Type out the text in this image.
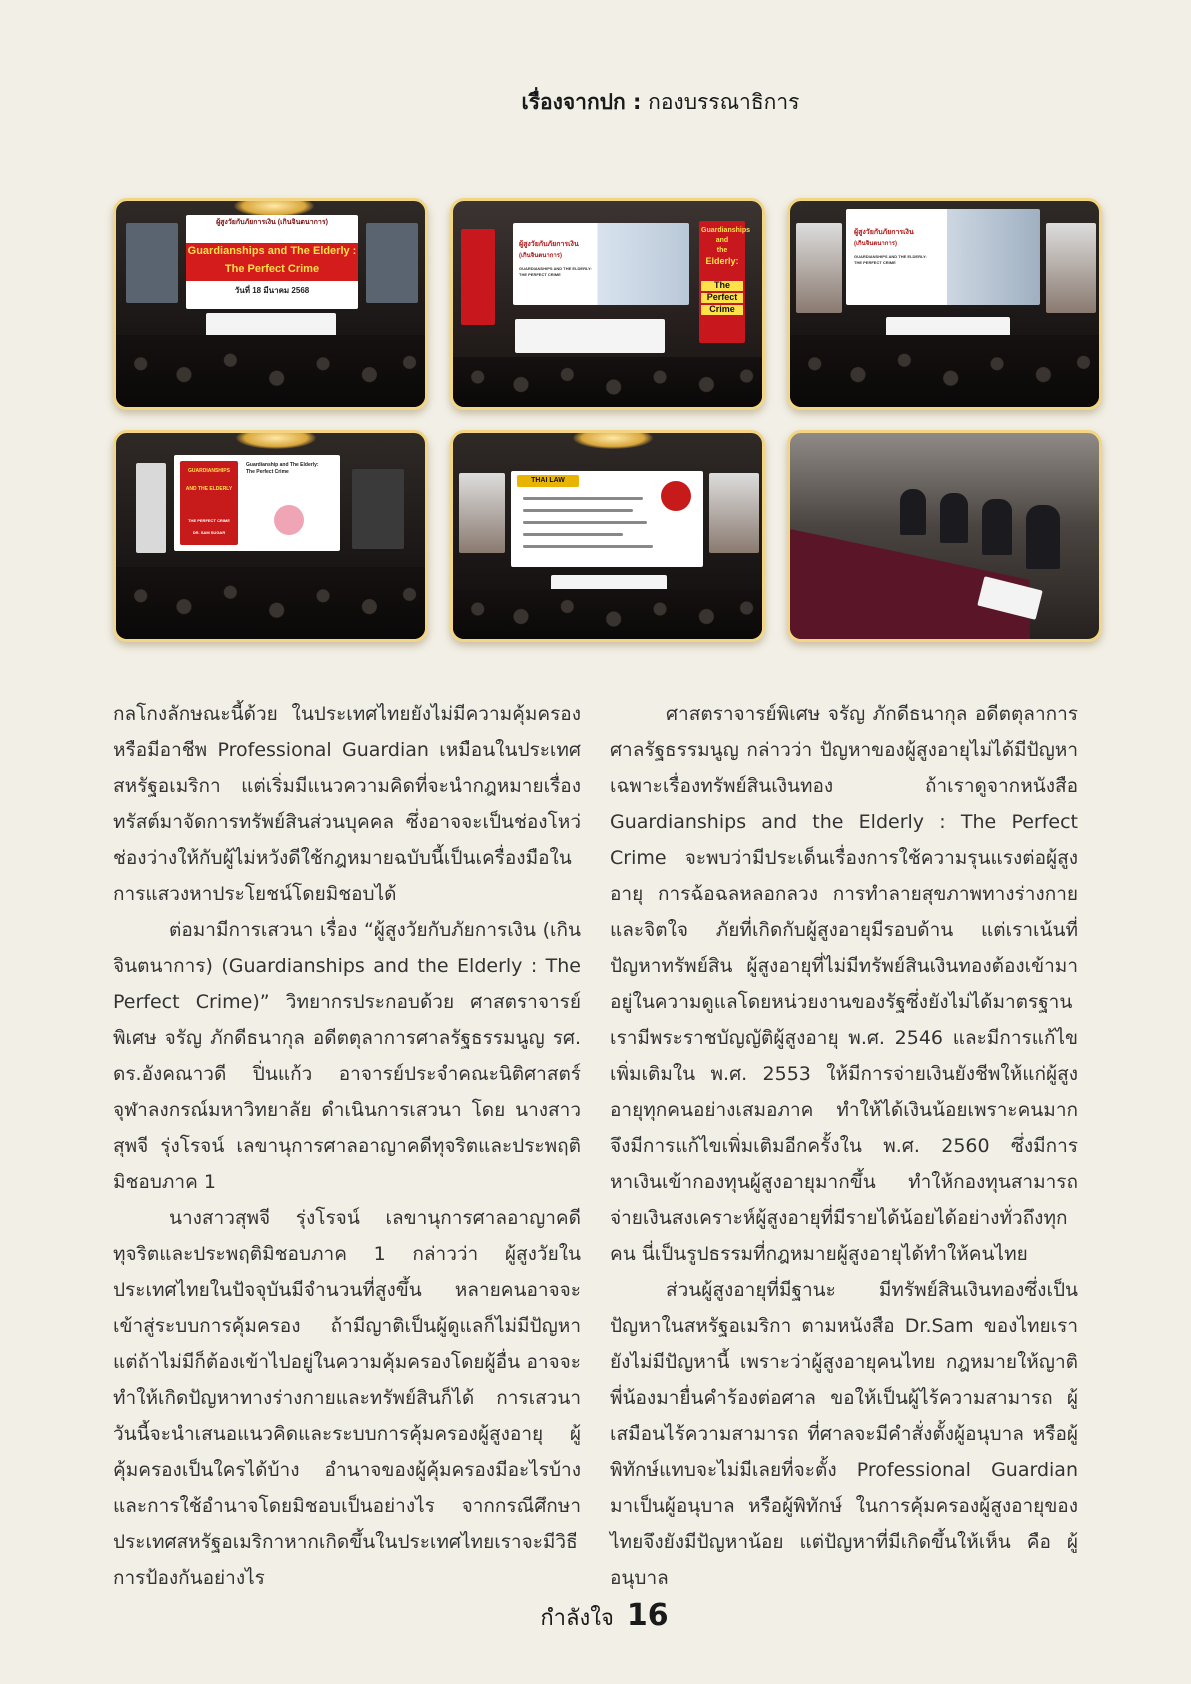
เรื่องจากปก : กองบรรณาธิการ
ผู้สูงวัยกับภัยการเงิน (เกินจินตนาการ)
Guardianships and The Elderly :
The Perfect Crime
วันที่ 18 มีนาคม 2568
ผู้สูงวัยกับภัยการเงิน
(เกินจินตนาการ)
GUARDIANSHIPS AND THE ELDERLY:
THE PERFECT CRIME
Guardianships
and
the
Elderly:
The
Perfect
Crime
ผู้สูงวัยกับภัยการเงิน
(เกินจินตนาการ)
GUARDIANSHIPS AND THE ELDERLY:
THE PERFECT CRIME
GUARDIANSHIPS
AND THE ELDERLY
THE PERFECT CRIME
DR. SAM SUGAR
Guardianship and The Elderly:
The Perfect Crime
THAI LAW

กลโกงลักษณะนี้ด้วย ในประเทศไทยยังไม่มีความคุ้มครองหรือมีอาชีพ Professional Guardian เหมือนในประเทศสหรัฐอเมริกา แต่เริ่มมีแนวความคิดที่จะนำกฎหมายเรื่องทรัสต์มาจัดการทรัพย์สินส่วนบุคคล ซึ่งอาจจะเป็นช่องโหว่ช่องว่างให้กับผู้ไม่หวังดีใช้กฎหมายฉบับนี้เป็นเครื่องมือในการแสวงหาประโยชน์โดยมิชอบได้

ต่อมามีการเสวนา เรื่อง “ผู้สูงวัยกับภัยการเงิน (เกินจินตนาการ) (Guardianships and the Elderly : The Perfect Crime)” วิทยากรประกอบด้วย ศาสตราจารย์พิเศษ จรัญ ภักดีธนากุล อดีตตุลาการศาลรัฐธรรมนูญ รศ. ดร.อังคณาวดี ปิ่นแก้ว อาจารย์ประจำคณะนิติศาสตร์ จุฬาลงกรณ์มหาวิทยาลัย ดำเนินการเสวนา โดย นางสาวสุพจี รุ่งโรจน์ เลขานุการศาลอาญาคดีทุจริตและประพฤติมิชอบภาค 1

นางสาวสุพจี รุ่งโรจน์ เลขานุการศาลอาญาคดีทุจริตและประพฤติมิชอบภาค 1 กล่าวว่า ผู้สูงวัยในประเทศไทยในปัจจุบันมีจำนวนที่สูงขึ้น หลายคนอาจจะเข้าสู่ระบบการคุ้มครอง ถ้ามีญาติเป็นผู้ดูแลก็ไม่มีปัญหา แต่ถ้าไม่มีก็ต้องเข้าไปอยู่ในความคุ้มครองโดยผู้อื่น อาจจะทำให้เกิดปัญหาทางร่างกายและทรัพย์สินก็ได้ การเสวนาวันนี้จะนำเสนอแนวคิดและระบบการคุ้มครองผู้สูงอายุ ผู้คุ้มครองเป็นใครได้บ้าง อำนาจของผู้คุ้มครองมีอะไรบ้าง และการใช้อำนาจโดยมิชอบเป็นอย่างไร จากกรณีศึกษาประเทศสหรัฐอเมริกาหากเกิดขึ้นในประเทศไทยเราจะมีวิธีการป้องกันอย่างไร

ศาสตราจารย์พิเศษ จรัญ ภักดีธนากุล อดีตตุลาการศาลรัฐธรรมนูญ กล่าวว่า ปัญหาของผู้สูงอายุไม่ได้มีปัญหาเฉพาะเรื่องทรัพย์สินเงินทอง ถ้าเราดูจากหนังสือ Guardianships and the Elderly : The Perfect Crime จะพบว่ามีประเด็นเรื่องการใช้ความรุนแรงต่อผู้สูงอายุ การฉ้อฉลหลอกลวง การทำลายสุขภาพทางร่างกายและจิตใจ ภัยที่เกิดกับผู้สูงอายุมีรอบด้าน แต่เราเน้นที่ปัญหาทรัพย์สิน ผู้สูงอายุที่ไม่มีทรัพย์สินเงินทองต้องเข้ามาอยู่ในความดูแลโดยหน่วยงานของรัฐซึ่งยังไม่ได้มาตรฐาน เรามีพระราชบัญญัติผู้สูงอายุ พ.ศ. 2546 และมีการแก้ไขเพิ่มเติมใน พ.ศ. 2553 ให้มีการจ่ายเงินยังชีพให้แก่ผู้สูงอายุทุกคนอย่างเสมอภาค ทำให้ได้เงินน้อยเพราะคนมาก จึงมีการแก้ไขเพิ่มเติมอีกครั้งใน พ.ศ. 2560 ซึ่งมีการหาเงินเข้ากองทุนผู้สูงอายุมากขึ้น ทำให้กองทุนสามารถจ่ายเงินสงเคราะห์ผู้สูงอายุที่มีรายได้น้อยได้อย่างทั่วถึงทุกคน นี่เป็นรูปธรรมที่กฎหมายผู้สูงอายุได้ทำให้คนไทย

ส่วนผู้สูงอายุที่มีฐานะ มีทรัพย์สินเงินทองซึ่งเป็นปัญหาในสหรัฐอเมริกา ตามหนังสือ Dr.Sam ของไทยเรายังไม่มีปัญหานี้ เพราะว่าผู้สูงอายุคนไทย กฎหมายให้ญาติพี่น้องมายื่นคำร้องต่อศาล ขอให้เป็นผู้ไร้ความสามารถ ผู้เสมือนไร้ความสามารถ ที่ศาลจะมีคำสั่งตั้งผู้อนุบาล หรือผู้พิทักษ์แทบจะไม่มีเลยที่จะตั้ง Professional Guardian มาเป็นผู้อนุบาล หรือผู้พิทักษ์ ในการคุ้มครองผู้สูงอายุของไทยจึงยังมีปัญหาน้อย แต่ปัญหาที่มีเกิดขึ้นให้เห็น คือ ผู้อนุบาล

กำลังใจ 16
